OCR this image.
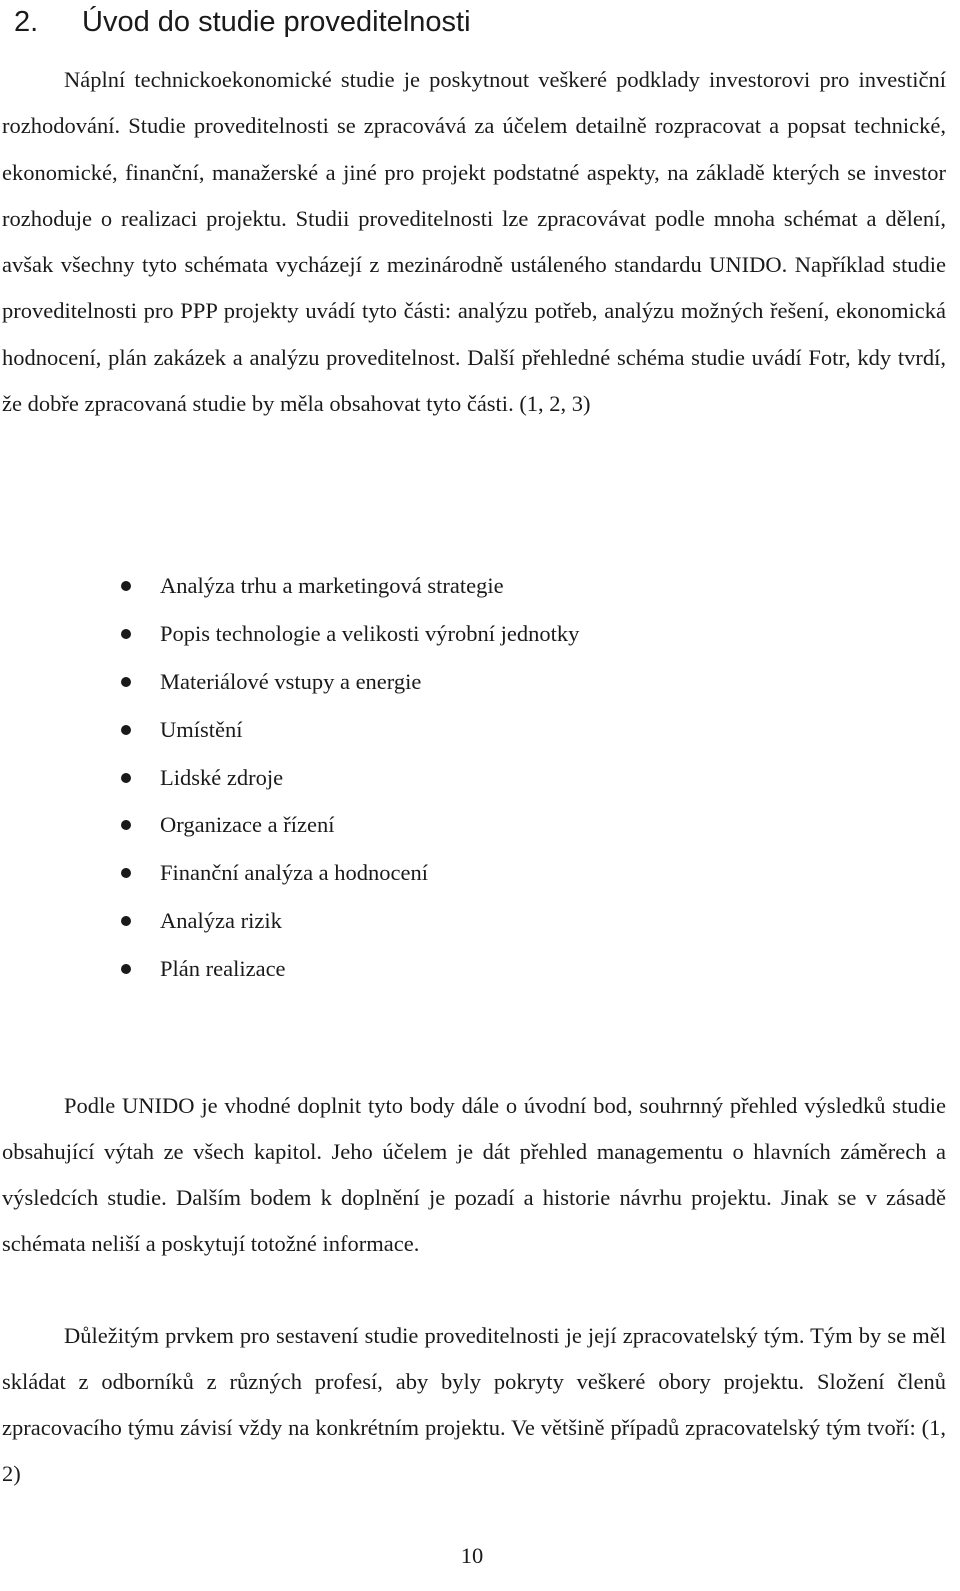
2. Úvod do studie proveditelnosti

Náplní technickoekonomické studie je poskytnout veškeré podklady investorovi pro investiční rozhodování. Studie proveditelnosti se zpracovává za účelem detailně rozpracovat a popsat technické, ekonomické, finanční, manažerské a jiné pro projekt podstatné aspekty, na základě kterých se investor rozhoduje o realizaci projektu. Studii proveditelnosti lze zpracovávat podle mnoha schémat a dělení, avšak všechny tyto schémata vycházejí z mezinárodně ustáleného standardu UNIDO. Například studie proveditelnosti pro PPP projekty uvádí tyto části: analýzu potřeb, analýzu možných řešení, ekonomická hodnocení, plán zakázek a analýzu proveditelnost. Další přehledné schéma studie uvádí Fotr, kdy tvrdí, že dobře zpracovaná studie by měla obsahovat tyto části. (1, 2, 3)

Analýza trhu a marketingová strategie
Popis technologie a velikosti výrobní jednotky
Materiálové vstupy a energie
Umístění
Lidské zdroje
Organizace a řízení
Finanční analýza a hodnocení
Analýza rizik
Plán realizace

Podle UNIDO je vhodné doplnit tyto body dále o úvodní bod, souhrnný přehled výsledků studie obsahující výtah ze všech kapitol. Jeho účelem je dát přehled managementu o hlavních záměrech a výsledcích studie. Dalším bodem k doplnění je pozadí a historie návrhu projektu. Jinak se v zásadě schémata neliší a poskytují totožné informace.

Důležitým prvkem pro sestavení studie proveditelnosti je její zpracovatelský tým. Tým by se měl skládat z odborníků z různých profesí, aby byly pokryty veškeré obory projektu. Složení členů zpracovacího týmu závisí vždy na konkrétním projektu. Ve většině případů zpracovatelský tým tvoří: (1, 2)

10
